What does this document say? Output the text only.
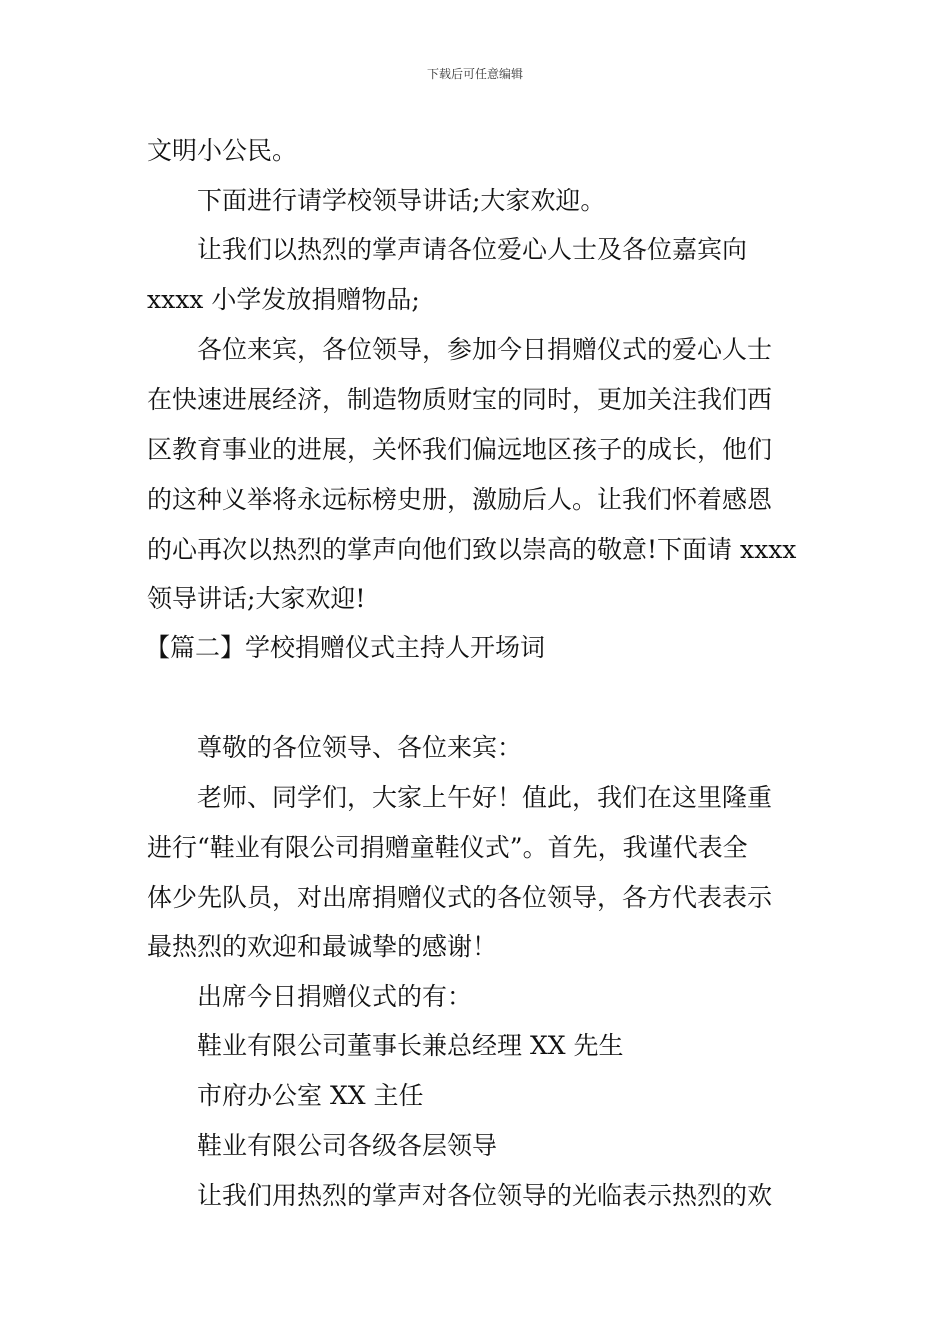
下载后可任意编辑
文明小公民。
下面进行请学校领导讲话;大家欢迎。
让我们以热烈的掌声请各位爱心人士及各位嘉宾向
xxxx 小学发放捐赠物品;
各位来宾，各位领导，参加今日捐赠仪式的爱心人士
在快速进展经济，制造物质财宝的同时，更加关注我们西
区教育事业的进展，关怀我们偏远地区孩子的成长，他们
的这种义举将永远标榜史册，激励后人。让我们怀着感恩
的心再次以热烈的掌声向他们致以崇高的敬意!下面请 xxxx
领导讲话;大家欢迎!
【篇二】学校捐赠仪式主持人开场词
尊敬的各位领导、各位来宾：
老师、同学们，大家上午好！值此，我们在这里隆重
进行“鞋业有限公司捐赠童鞋仪式”。首先，我谨代表全
体少先队员，对出席捐赠仪式的各位领导，各方代表表示
最热烈的欢迎和最诚挚的感谢！
出席今日捐赠仪式的有：
鞋业有限公司董事长兼总经理 XX 先生
市府办公室 XX 主任
鞋业有限公司各级各层领导
让我们用热烈的掌声对各位领导的光临表示热烈的欢
